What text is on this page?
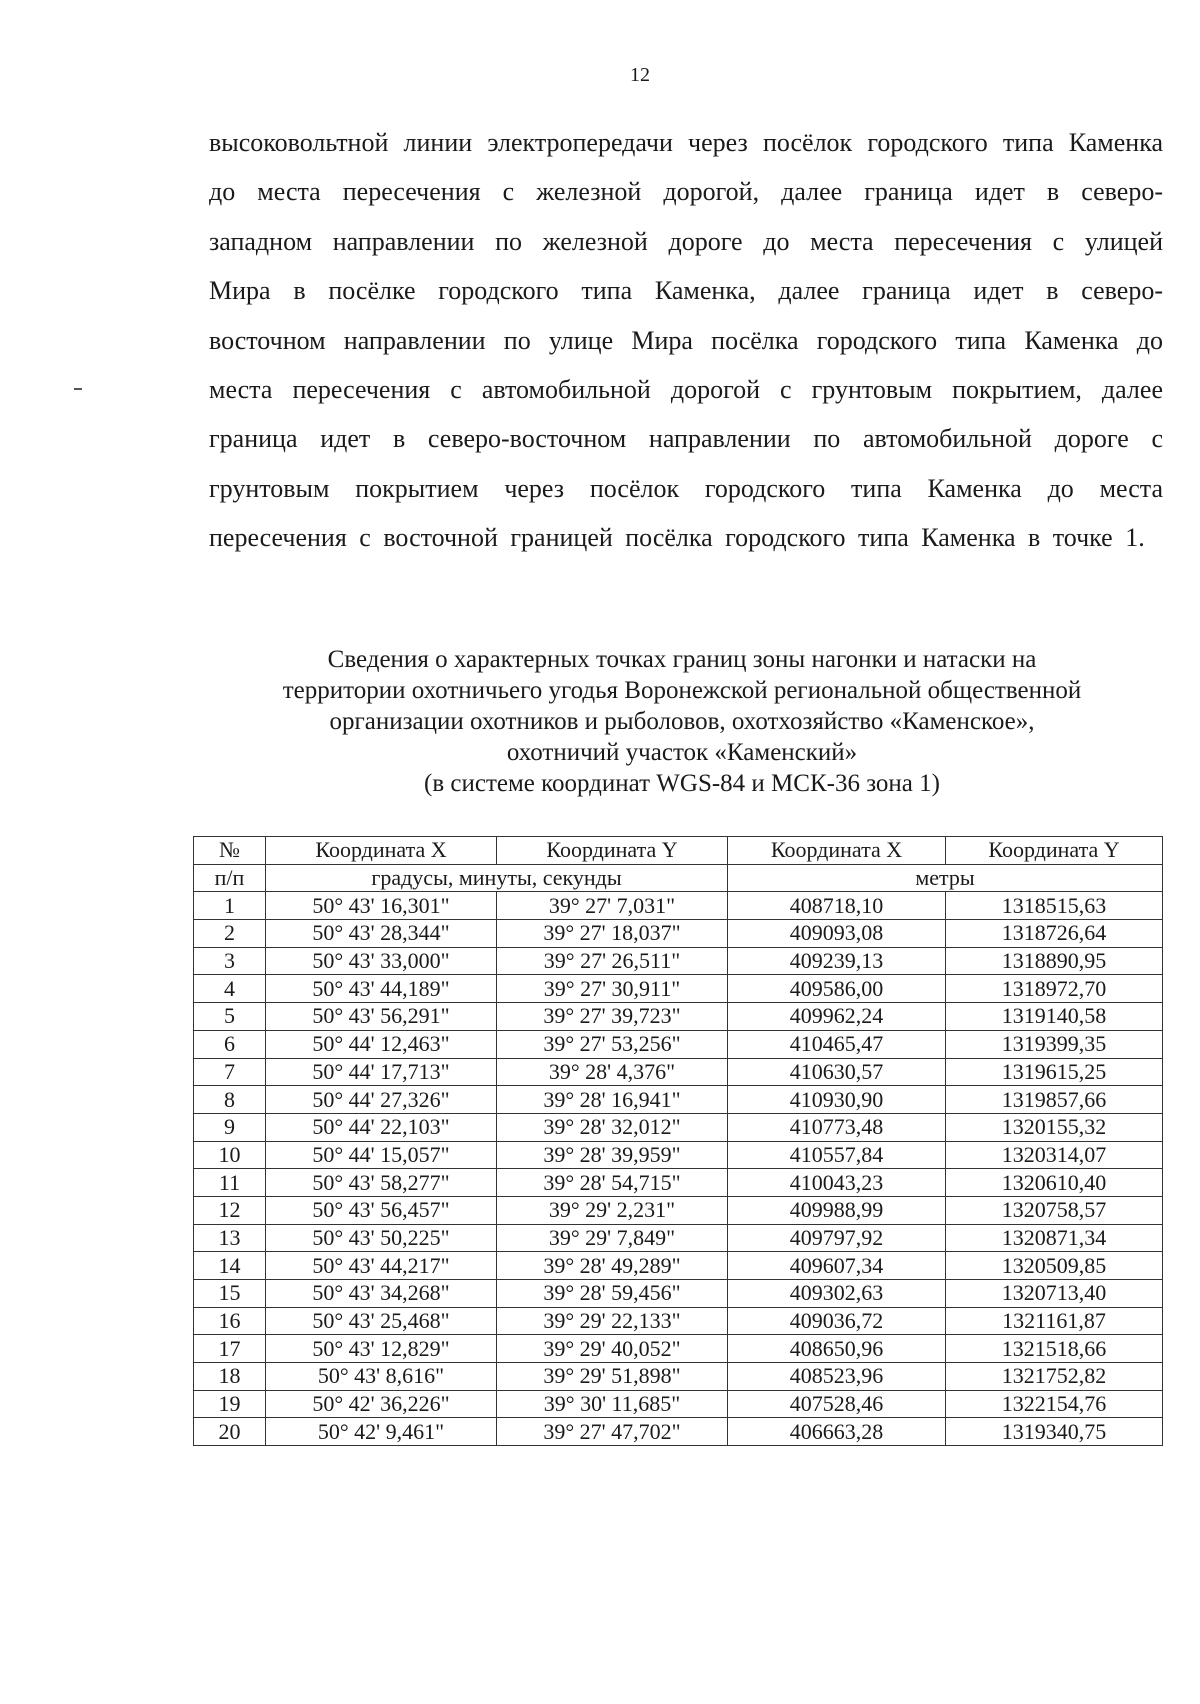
12

высоковольтной линии электропередачи через посёлок городского типа Каменка до места пересечения с железной дорогой, далее граница идет в северо-западном направлении по железной дороге до места пересечения с улицей Мира в посёлке городского типа Каменка, далее граница идет в северо-восточном направлении по улице Мира посёлка городского типа Каменка до места пересечения с автомобильной дорогой с грунтовым покрытием, далее граница идет в северо-восточном направлении по автомобильной дороге с грунтовым покрытием через посёлок городского типа Каменка до места пересечения с восточной границей посёлка городского типа Каменка в точке 1.

Сведения о характерных точках границ зоны нагонки и натаски на
территории охотничьего угодья Воронежской региональной общественной
организации охотников и рыболовов, охотхозяйство «Каменское»,
охотничий участок «Каменский»
(в системе координат WGS-84 и МСК-36 зона 1)
№	Координата X	Координата Y	Координата X	Координата Y
п/п	градусы, минуты, секунды		метры	
1	50° 43' 16,301"	39° 27' 7,031"	408718,10	1318515,63
2	50° 43' 28,344"	39° 27' 18,037"	409093,08	1318726,64
3	50° 43' 33,000"	39° 27' 26,511"	409239,13	1318890,95
4	50° 43' 44,189"	39° 27' 30,911"	409586,00	1318972,70
5	50° 43' 56,291"	39° 27' 39,723"	409962,24	1319140,58
6	50° 44' 12,463"	39° 27' 53,256"	410465,47	1319399,35
7	50° 44' 17,713"	39° 28' 4,376"	410630,57	1319615,25
8	50° 44' 27,326"	39° 28' 16,941"	410930,90	1319857,66
9	50° 44' 22,103"	39° 28' 32,012"	410773,48	1320155,32
10	50° 44' 15,057"	39° 28' 39,959"	410557,84	1320314,07
11	50° 43' 58,277"	39° 28' 54,715"	410043,23	1320610,40
12	50° 43' 56,457"	39° 29' 2,231"	409988,99	1320758,57
13	50° 43' 50,225"	39° 29' 7,849"	409797,92	1320871,34
14	50° 43' 44,217"	39° 28' 49,289"	409607,34	1320509,85
15	50° 43' 34,268"	39° 28' 59,456"	409302,63	1320713,40
16	50° 43' 25,468"	39° 29' 22,133"	409036,72	1321161,87
17	50° 43' 12,829"	39° 29' 40,052"	408650,96	1321518,66
18	50° 43' 8,616"	39° 29' 51,898"	408523,96	1321752,82
19	50° 42' 36,226"	39° 30' 11,685"	407528,46	1322154,76
20	50° 42' 9,461"	39° 27' 47,702"	406663,28	1319340,75
